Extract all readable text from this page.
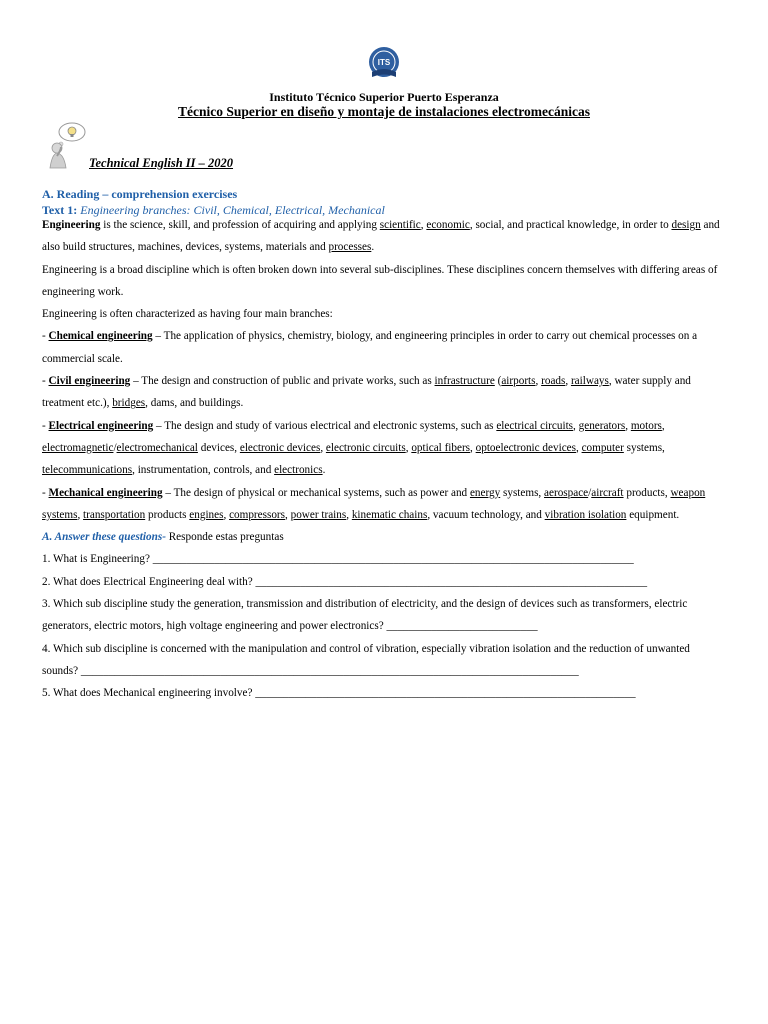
ITS
Instituto Técnico Superior Puerto Esperanza
Técnico Superior en diseño y montaje de instalaciones electromecánicas
Technical English II – 2020
A. Reading – comprehension exercises
Text 1: Engineering branches: Civil, Chemical, Electrical, Mechanical

Engineering is the science, skill, and profession of acquiring and applying scientific, economic, social, and practical knowledge, in order to design and also build structures, machines, devices, systems, materials and processes.

Engineering is a broad discipline which is often broken down into several sub-disciplines. These disciplines concern themselves with differing areas of engineering work.

Engineering is often characterized as having four main branches:

- Chemical engineering – The application of physics, chemistry, biology, and engineering principles in order to carry out chemical processes on a commercial scale.

- Civil engineering – The design and construction of public and private works, such as infrastructure (airports, roads, railways, water supply and treatment etc.), bridges, dams, and buildings.

- Electrical engineering – The design and study of various electrical and electronic systems, such as electrical circuits, generators, motors, electromagnetic/electromechanical devices, electronic devices, electronic circuits, optical fibers, optoelectronic devices, computer systems, telecommunications, instrumentation, controls, and electronics.

- Mechanical engineering – The design of physical or mechanical systems, such as power and energy systems, aerospace/aircraft products, weapon systems, transportation products engines, compressors, power trains, kinematic chains, vacuum technology, and vibration isolation equipment.

A. Answer these questions- Responde estas preguntas

1. What is Engineering? ______________________________________________________________________________________

2. What does Electrical Engineering deal with? ______________________________________________________________________

3. Which sub discipline study the generation, transmission and distribution of electricity, and the design of devices such as transformers, electric generators, electric motors, high voltage engineering and power electronics? ___________________________

4. Which sub discipline is concerned with the manipulation and control of vibration, especially vibration isolation and the reduction of unwanted sounds? _________________________________________________________________________________________

5. What does Mechanical engineering involve? ____________________________________________________________________
